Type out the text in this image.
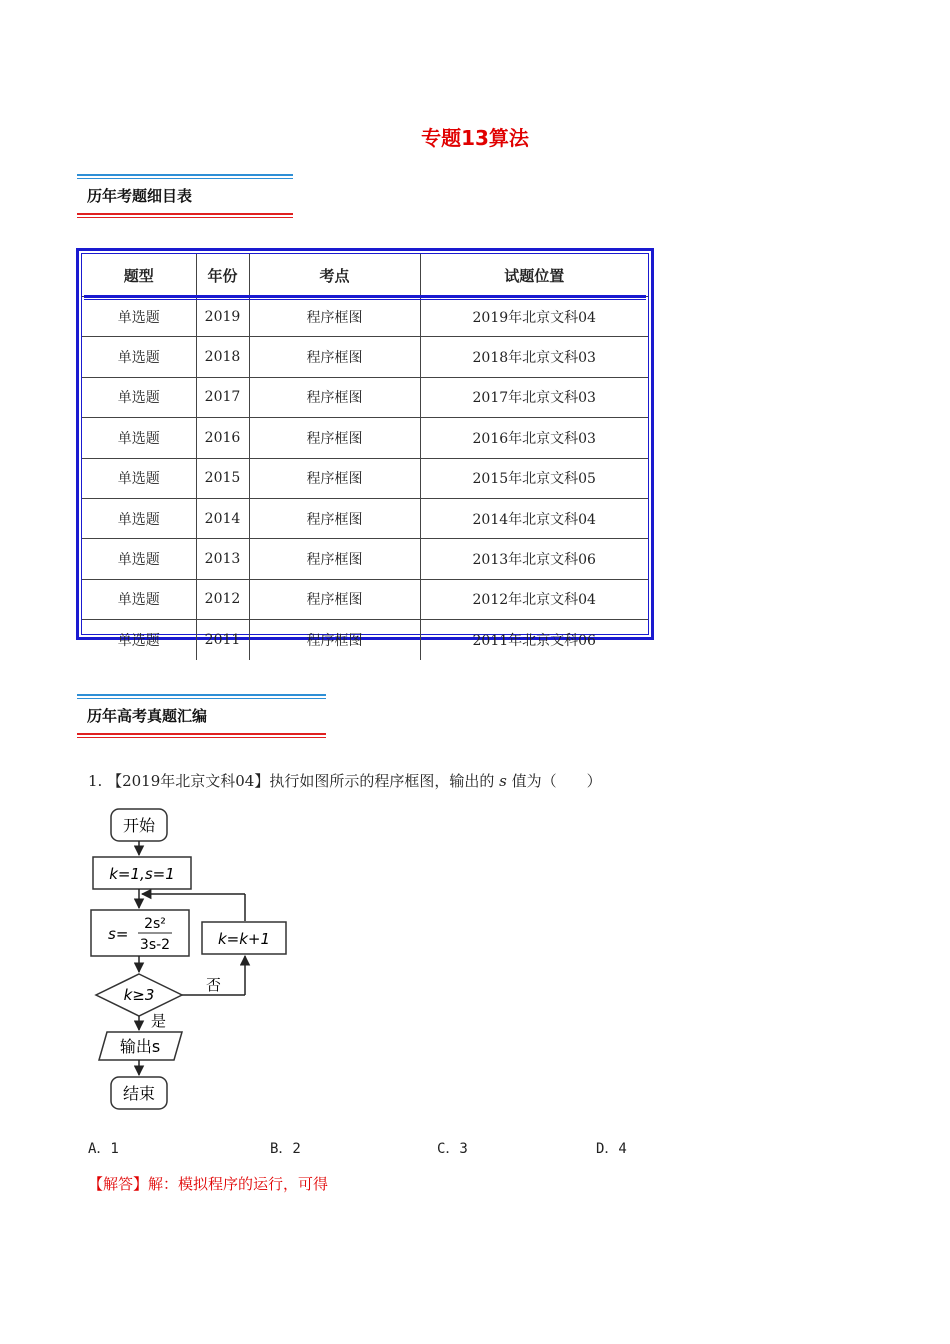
专题13算法
历年考题细目表
题型	年份	考点	试题位置
单选题	2019	程序框图	2019年北京文科04
单选题	2018	程序框图	2018年北京文科03
单选题	2017	程序框图	2017年北京文科03
单选题	2016	程序框图	2016年北京文科03
单选题	2015	程序框图	2015年北京文科05
单选题	2014	程序框图	2014年北京文科04
单选题	2013	程序框图	2013年北京文科06
单选题	2012	程序框图	2012年北京文科04
单选题	2011	程序框图	2011年北京文科06
历年高考真题汇编
1. 【2019年北京文科04】执行如图所示的程序框图，输出的 s 值为（　　）
开始
k=1,s=1
s=
2s²
3s-2
k≥3
否
k=k+1
是
输出s
结束
A．1	B．2	C．3	D．4
【解答】解：模拟程序的运行，可得
